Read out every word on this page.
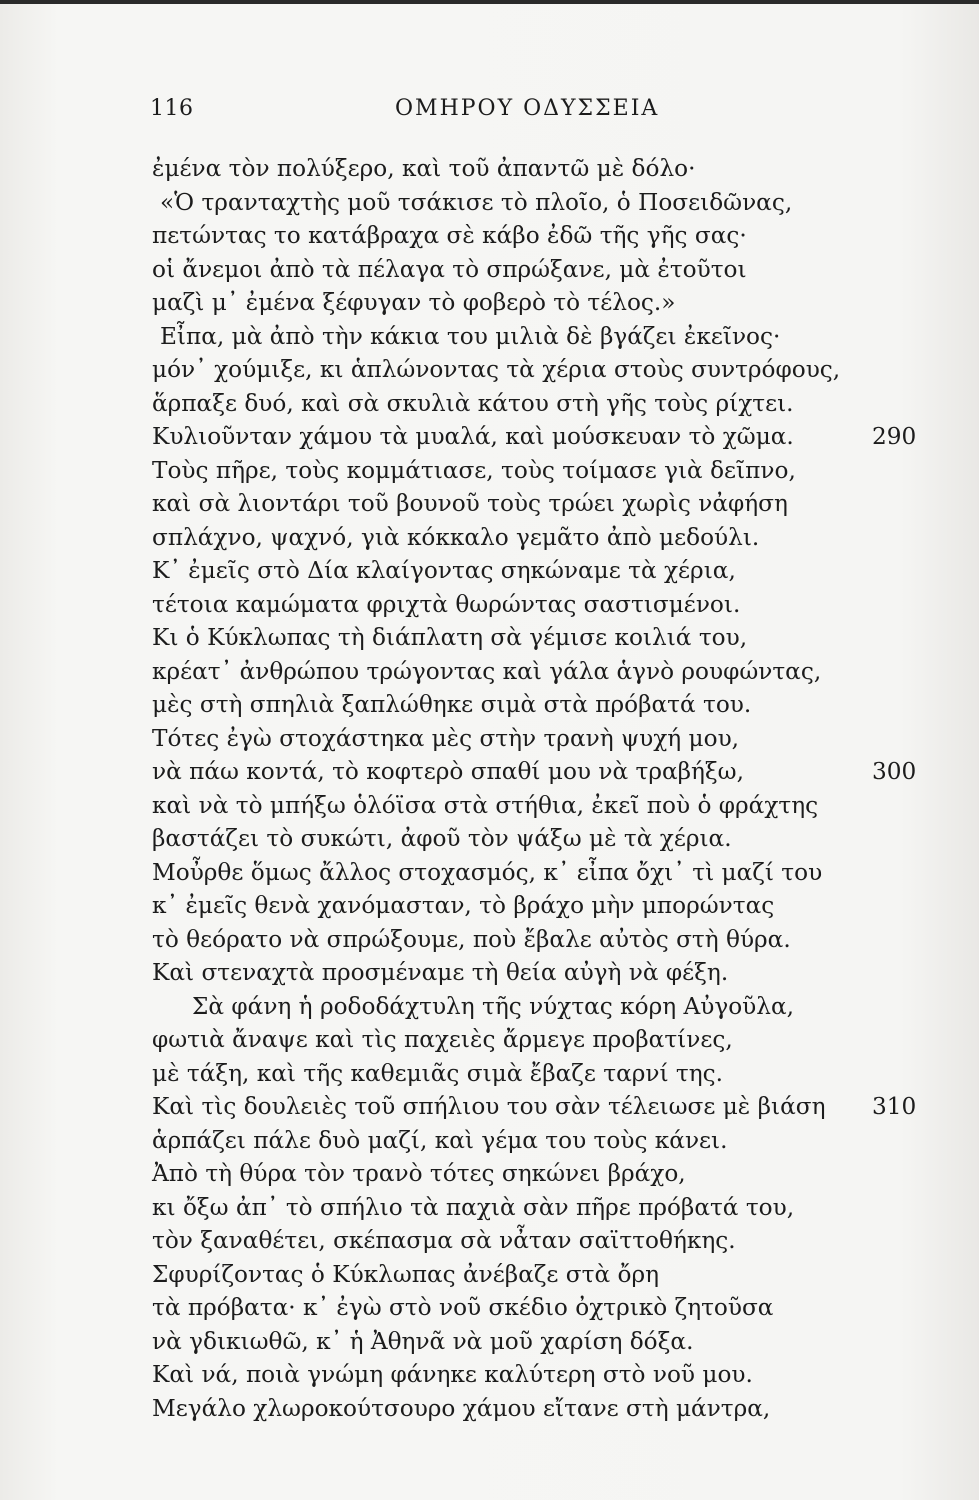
116	ΟΜΗΡΟΥ ΟΔΥΣΣΕΙΑ
ἐμένα τὸν πολύξερο, καὶ τοῦ ἀπαντῶ μὲ δόλο·
«Ὁ τρανταχτὴς μοῦ τσάκισε τὸ πλοῖο, ὁ Ποσειδῶνας,
πετώντας το κατάβραχα σὲ κάβο ἐδῶ τῆς γῆς σας·
οἱ ἄνεμοι ἀπὸ τὰ πέλαγα τὸ σπρώξανε, μὰ ἐτοῦτοι
μαζὶ μ᾽ ἐμένα ξέφυγαν τὸ φοβερὸ τὸ τέλος.»
Εἶπα, μὰ ἀπὸ τὴν κάκια του μιλιὰ δὲ βγάζει ἐκεῖνος·
μόν᾽ χούμιξε, κι ἁπλώνοντας τὰ χέρια στοὺς συντρόφους,
ἅρπαξε δυό, καὶ σὰ σκυλιὰ κάτου στὴ γῆς τοὺς ρίχτει.
Κυλιοῦνταν χάμου τὰ μυαλά, καὶ μούσκευαν τὸ χῶμα.	290
Τοὺς πῆρε, τοὺς κομμάτιασε, τοὺς τοίμασε γιὰ δεῖπνο,
καὶ σὰ λιοντάρι τοῦ βουνοῦ τοὺς τρώει χωρὶς νἀφήση
σπλάχνο, ψαχνό, γιὰ κόκκαλο γεμᾶτο ἀπὸ μεδούλι.
Κ᾽ ἐμεῖς στὸ Δία κλαίγοντας σηκώναμε τὰ χέρια,
τέτοια καμώματα φριχτὰ θωρώντας σαστισμένοι.
Κι ὁ Κύκλωπας τὴ διάπλατη σὰ γέμισε κοιλιά του,
κρέατ᾽ ἀνθρώπου τρώγοντας καὶ γάλα ἁγνὸ ρουφώντας,
μὲς στὴ σπηλιὰ ξαπλώθηκε σιμὰ στὰ πρόβατά του.
Τότες ἐγὼ στοχάστηκα μὲς στὴν τρανὴ ψυχή μου,
νὰ πάω κοντά, τὸ κοφτερὸ σπαθί μου νὰ τραβήξω,	300
καὶ νὰ τὸ μπήξω ὁλόϊσα στὰ στήθια, ἐκεῖ ποὺ ὁ φράχτης
βαστάζει τὸ συκώτι, ἀφοῦ τὸν ψάξω μὲ τὰ χέρια.
Μοὖρθε ὅμως ἄλλος στοχασμός, κ᾽ εἶπα ὄχι᾽ τὶ μαζί του
κ᾽ ἐμεῖς θενὰ χανόμασταν, τὸ βράχο μὴν μπορώντας
τὸ θεόρατο νὰ σπρώξουμε, ποὺ ἔβαλε αὐτὸς στὴ θύρα.
Καὶ στεναχτὰ προσμέναμε τὴ θεία αὐγὴ νὰ φέξη.
Σὰ φάνη ἡ ροδοδάχτυλη τῆς νύχτας κόρη Αὐγοῦλα,
φωτιὰ ἄναψε καὶ τὶς παχειὲς ἄρμεγε προβατίνες,
μὲ τάξη, καὶ τῆς καθεμιᾶς σιμὰ ἔβαζε ταρνί της.
Καὶ τὶς δουλειὲς τοῦ σπήλιου του σὰν τέλειωσε μὲ βιάση 310
ἁρπάζει πάλε δυὸ μαζί, καὶ γέμα του τοὺς κάνει.
Ἀπὸ τὴ θύρα τὸν τρανὸ τότες σηκώνει βράχο,
κι ὄξω ἀπ᾽ τὸ σπήλιο τὰ παχιὰ σὰν πῆρε πρόβατά του,
τὸν ξαναθέτει, σκέπασμα σὰ νἆταν σαϊττοθήκης.
Σφυρίζοντας ὁ Κύκλωπας ἀνέβαζε στὰ ὄρη
τὰ πρόβατα· κ᾽ ἐγὼ στὸ νοῦ σκέδιο ὀχτρικὸ ζητοῦσα
νὰ γδικιωθῶ, κ᾽ ἡ Ἀθηνᾶ νὰ μοῦ χαρίση δόξα.
Καὶ νά, ποιὰ γνώμη φάνηκε καλύτερη στὸ νοῦ μου.
Μεγάλο χλωροκούτσουρο χάμου εἴτανε στὴ μάντρα,
